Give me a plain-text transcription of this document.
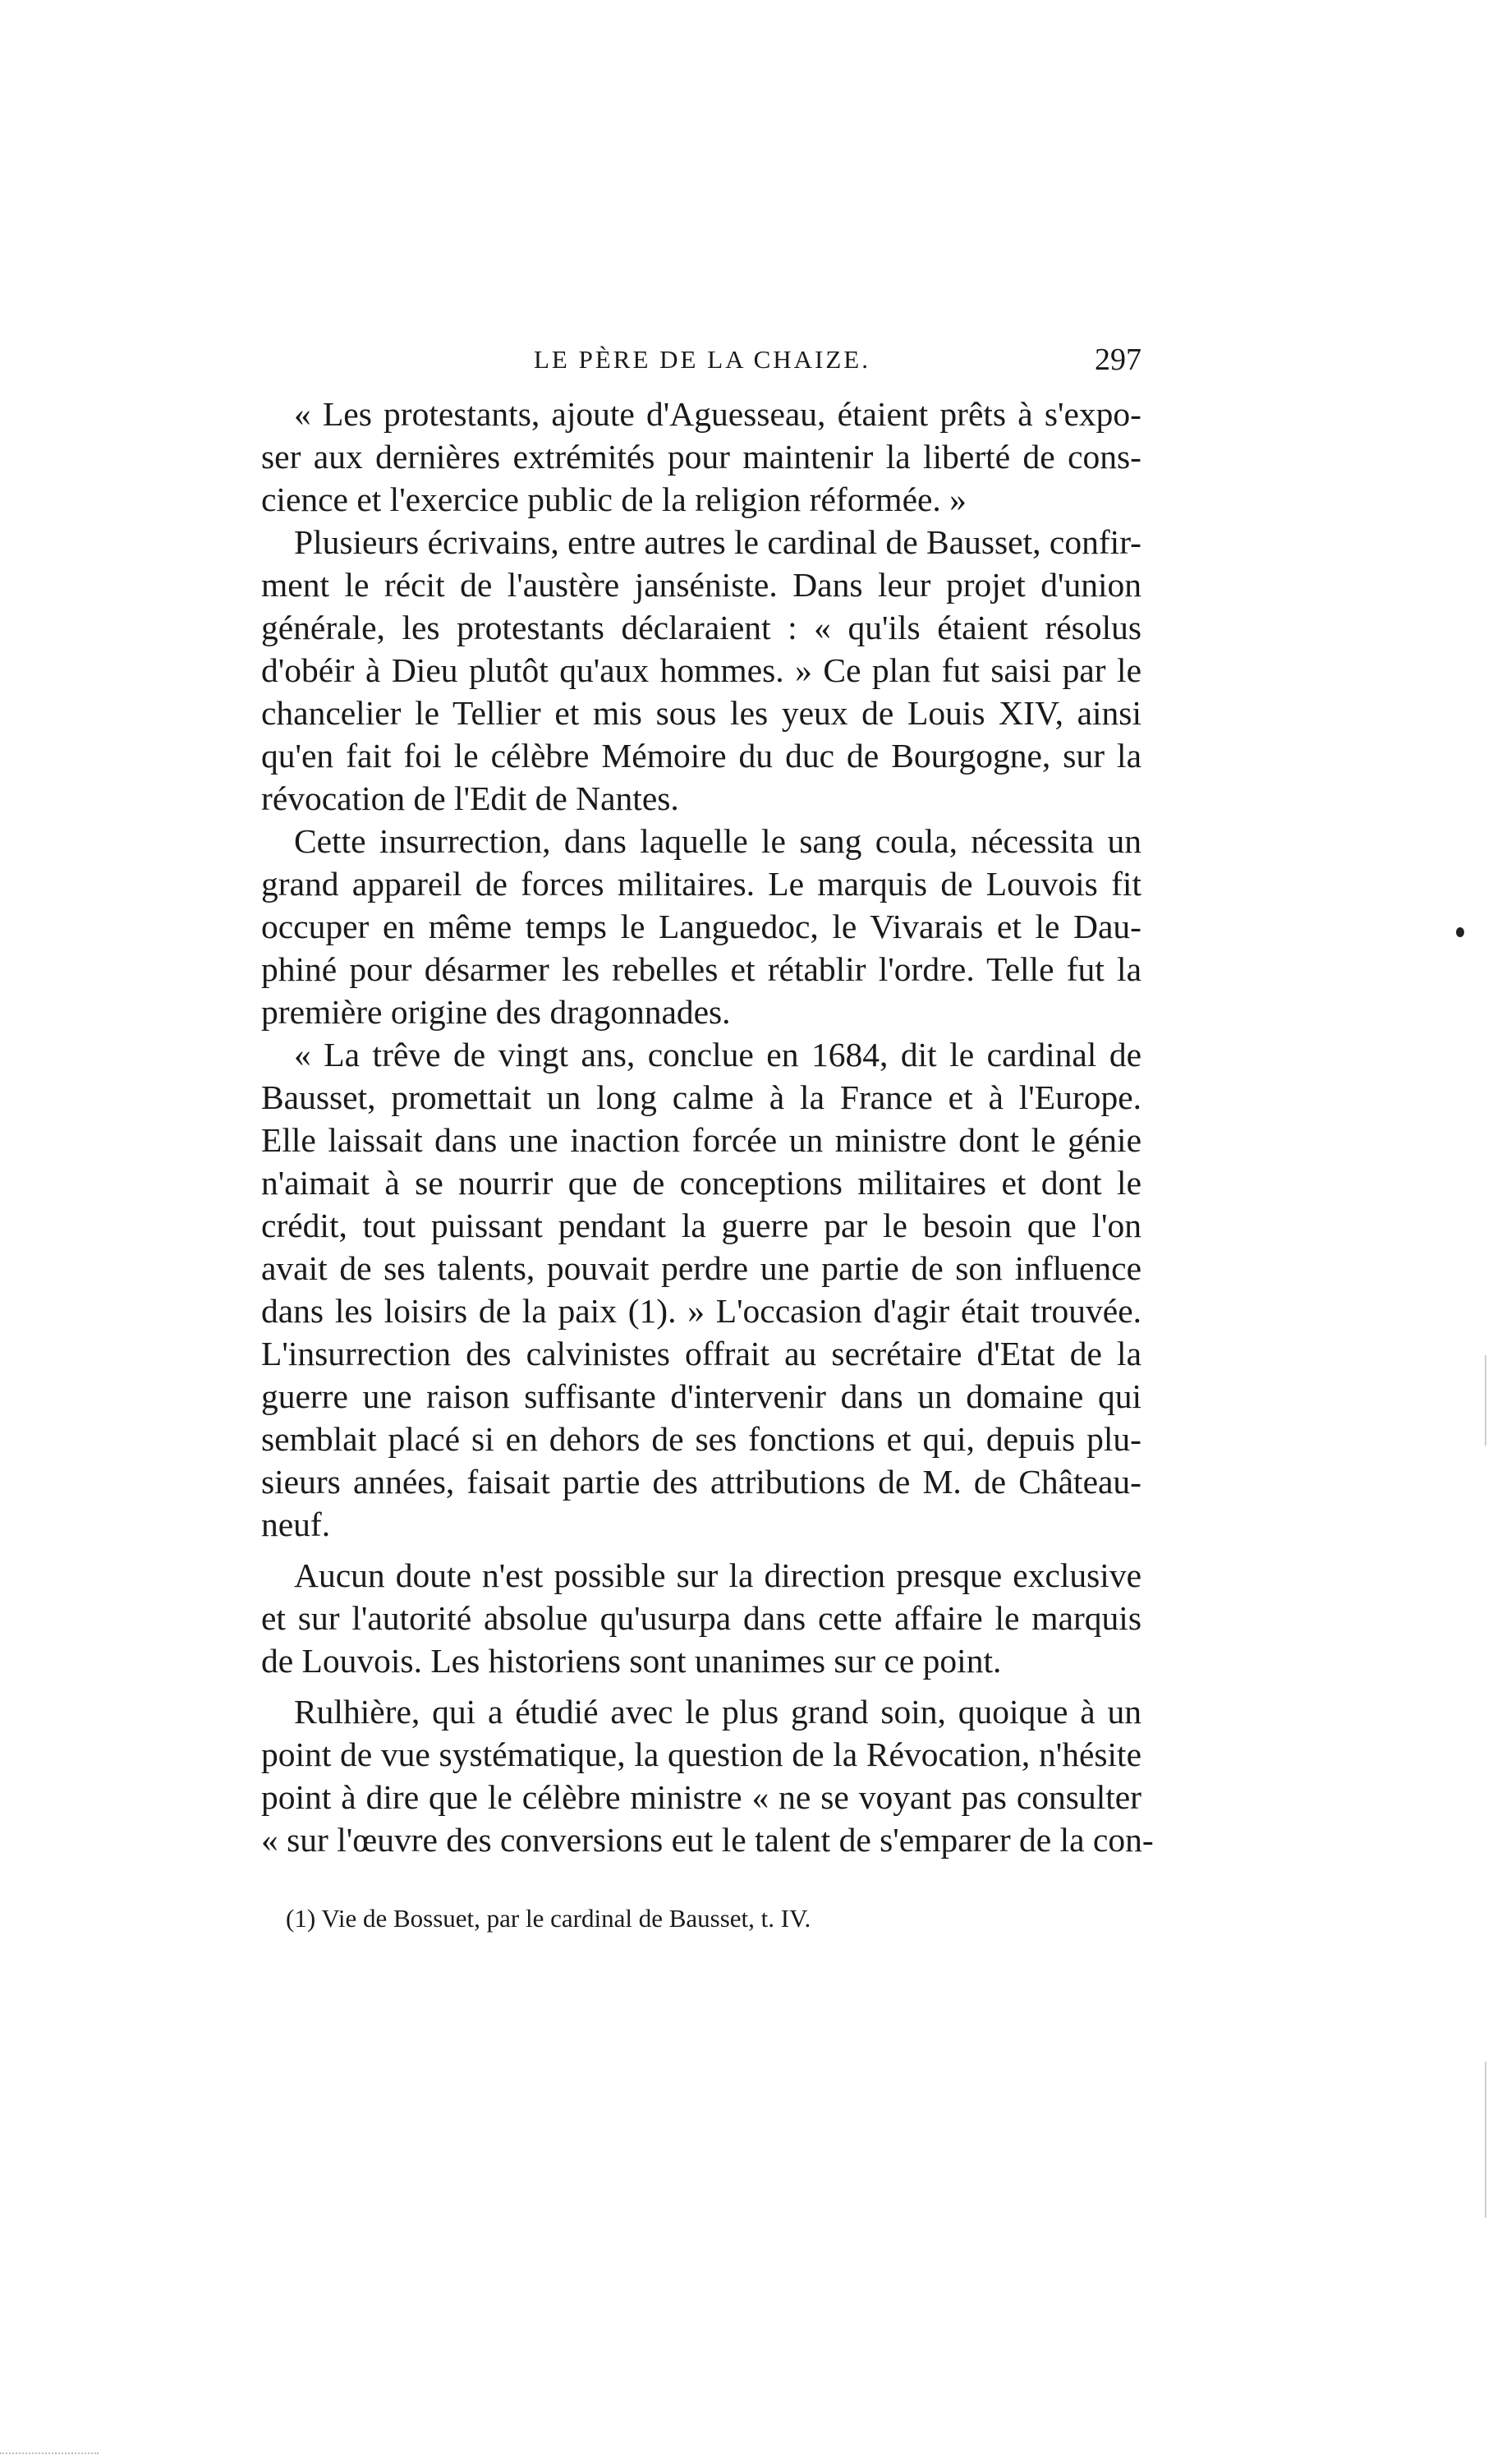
LE PÈRE DE LA CHAIZE.	297
« Les protestants, ajoute d'Aguesseau, étaient prêts à s'expo-
ser aux dernières extrémités pour maintenir la liberté de cons-
cience et l'exercice public de la religion réformée. »
Plusieurs écrivains, entre autres le cardinal de Bausset, confir-
ment le récit de l'austère janséniste. Dans leur projet d'union
générale, les protestants déclaraient : « qu'ils étaient résolus
d'obéir à Dieu plutôt qu'aux hommes. » Ce plan fut saisi par le
chancelier le Tellier et mis sous les yeux de Louis XIV, ainsi
qu'en fait foi le célèbre Mémoire du duc de Bourgogne, sur la
révocation de l'Edit de Nantes.
Cette insurrection, dans laquelle le sang coula, nécessita un
grand appareil de forces militaires. Le marquis de Louvois fit
occuper en même temps le Languedoc, le Vivarais et le Dau-
phiné pour désarmer les rebelles et rétablir l'ordre. Telle fut la
première origine des dragonnades.
« La trêve de vingt ans, conclue en 1684, dit le cardinal de
Bausset, promettait un long calme à la France et à l'Europe.
Elle laissait dans une inaction forcée un ministre dont le génie
n'aimait à se nourrir que de conceptions militaires et dont le
crédit, tout puissant pendant la guerre par le besoin que l'on
avait de ses talents, pouvait perdre une partie de son influence
dans les loisirs de la paix (1). » L'occasion d'agir était trouvée.
L'insurrection des calvinistes offrait au secrétaire d'Etat de la
guerre une raison suffisante d'intervenir dans un domaine qui
semblait placé si en dehors de ses fonctions et qui, depuis plu-
sieurs années, faisait partie des attributions de M. de Château-
neuf.
Aucun doute n'est possible sur la direction presque exclusive
et sur l'autorité absolue qu'usurpa dans cette affaire le marquis
de Louvois. Les historiens sont unanimes sur ce point.
Rulhière, qui a étudié avec le plus grand soin, quoique à un
point de vue systématique, la question de la Révocation, n'hésite
point à dire que le célèbre ministre « ne se voyant pas consulter
« sur l'œuvre des conversions eut le talent de s'emparer de la con-
(1) Vie de Bossuet, par le cardinal de Bausset, t. IV.
